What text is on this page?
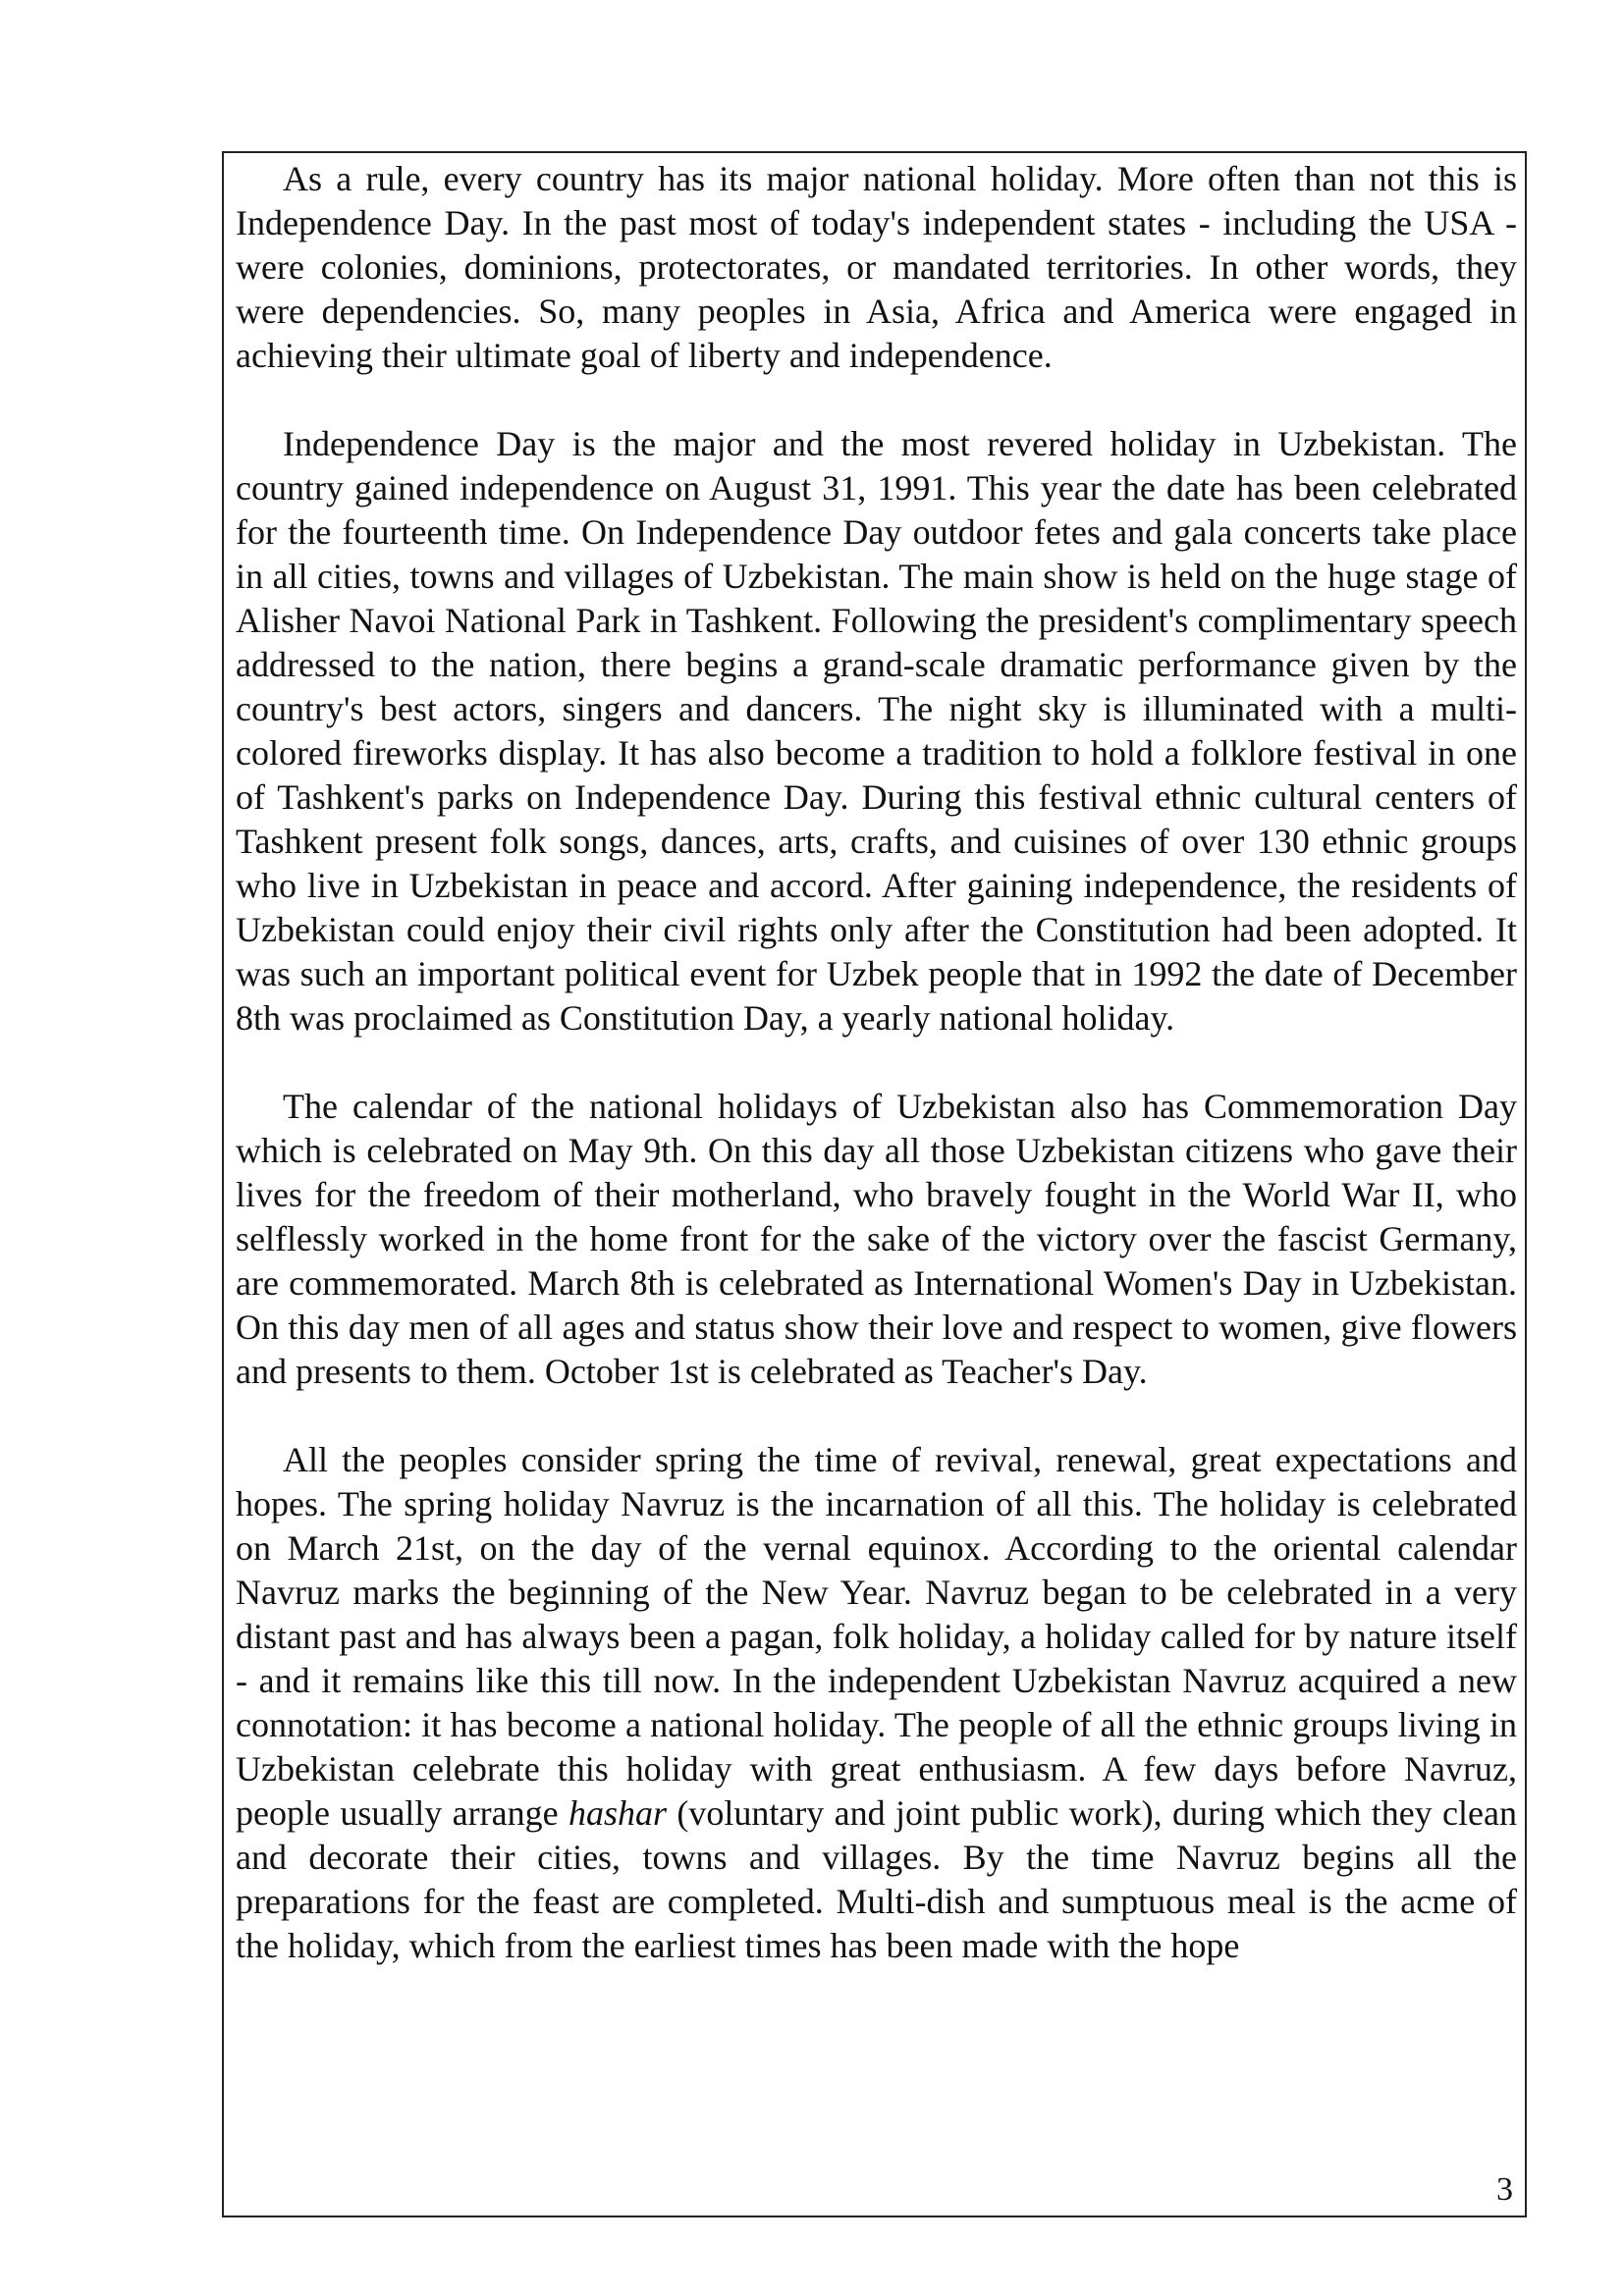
As a rule, every country has its major national holiday. More often than not this is Independence Day. In the past most of today's independent states - including the USA - were colonies, dominions, protectorates, or mandated territories. In other words, they were dependencies. So, many peoples in Asia, Africa and America were engaged in achieving their ultimate goal of liberty and independence.

Independence Day is the major and the most revered holiday in Uzbekistan. The country gained independence on August 31, 1991. This year the date has been celebrated for the fourteenth time. On Independence Day outdoor fetes and gala concerts take place in all cities, towns and villages of Uzbekistan. The main show is held on the huge stage of Alisher Navoi National Park in Tashkent. Following the president's complimentary speech addressed to the nation, there begins a grand-scale dramatic performance given by the country's best actors, singers and dancers. The night sky is illuminated with a multi-colored fireworks display. It has also become a tradition to hold a folklore festival in one of Tashkent's parks on Independence Day. During this festival ethnic cultural centers of Tashkent present folk songs, dances, arts, crafts, and cuisines of over 130 ethnic groups who live in Uzbekistan in peace and accord. After gaining independence, the residents of Uzbekistan could enjoy their civil rights only after the Constitution had been adopted. It was such an important political event for Uzbek people that in 1992 the date of December 8th was proclaimed as Constitution Day, a yearly national holiday.

The calendar of the national holidays of Uzbekistan also has Commemoration Day which is celebrated on May 9th. On this day all those Uzbekistan citizens who gave their lives for the freedom of their motherland, who bravely fought in the World War II, who selflessly worked in the home front for the sake of the victory over the fascist Germany, are commemorated. March 8th is celebrated as International Women's Day in Uzbekistan. On this day men of all ages and status show their love and respect to women, give flowers and presents to them. October 1st is celebrated as Teacher's Day.

All the peoples consider spring the time of revival, renewal, great expectations and hopes. The spring holiday Navruz is the incarnation of all this. The holiday is celebrated on March 21st, on the day of the vernal equinox. According to the oriental calendar Navruz marks the beginning of the New Year. Navruz began to be celebrated in a very distant past and has always been a pagan, folk holiday, a holiday called for by nature itself - and it remains like this till now. In the independent Uzbekistan Navruz acquired a new connotation: it has become a national holiday. The people of all the ethnic groups living in Uzbekistan celebrate this holiday with great enthusiasm. A few days before Navruz, people usually arrange hashar (voluntary and joint public work), during which they clean and decorate their cities, towns and villages. By the time Navruz begins all the preparations for the feast are completed. Multi-dish and sumptuous meal is the acme of the holiday, which from the earliest times has been made with the hope

3
